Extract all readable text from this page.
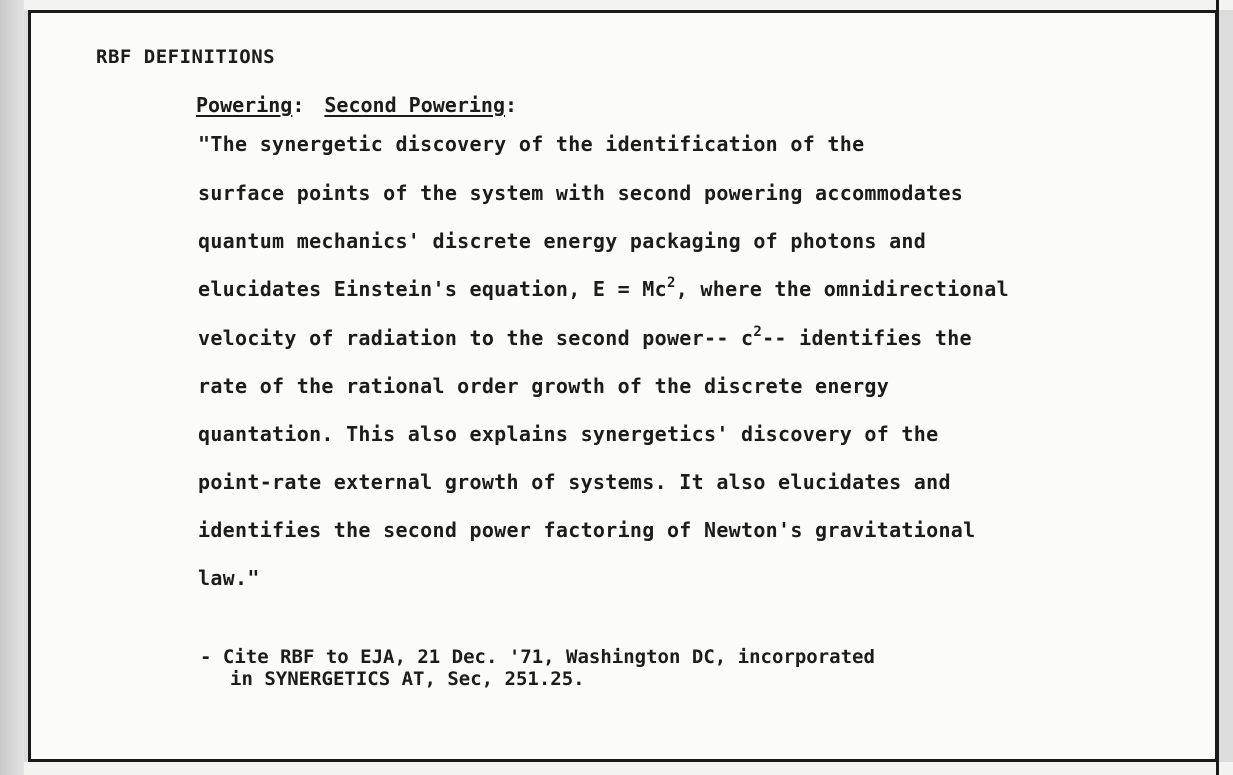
RBF DEFINITIONS
Powering: Second Powering:
"The synergetic discovery of the identification of the
surface points of the system with second powering accommodates
quantum mechanics' discrete energy packaging of photons and
elucidates Einstein's equation, $E = Mc^2$, where the omnidirectional
velocity of radiation to the second power-- $c^2--$ identifies the
rate of the rational order growth of the discrete energy
quantation. This also explains synergetics' discovery of the
point-rate external growth of systems. It also elucidates and
identifies the second power factoring of Newton's gravitational
law."
- Cite RBF to EJA, 21 Dec. '71, Washington DC, incorporated
in SYNERGETICS AT, Sec, 251.25.
